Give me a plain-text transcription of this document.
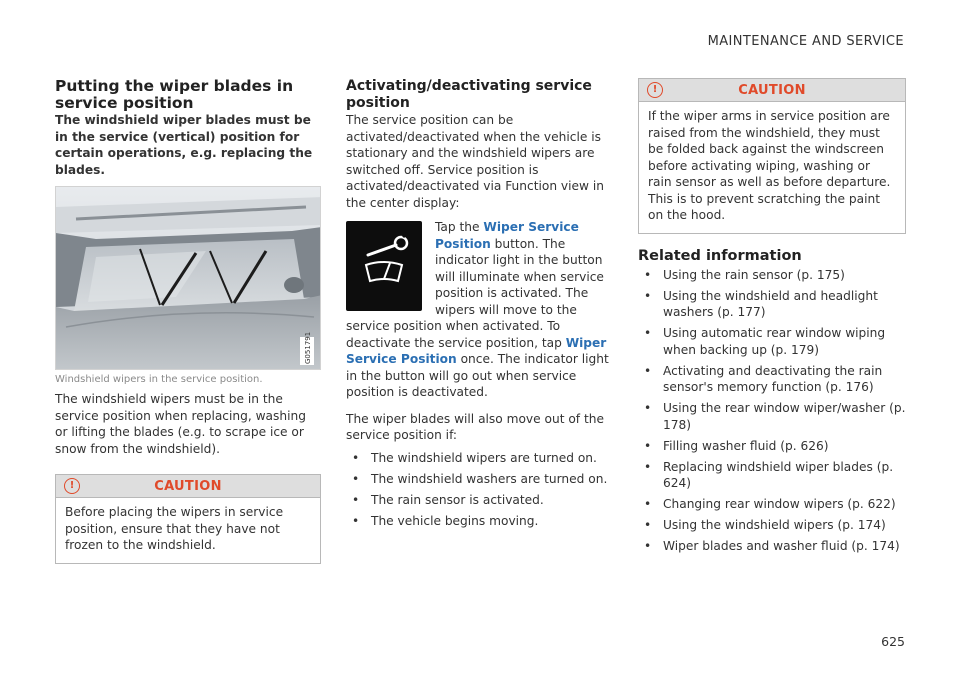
MAINTENANCE AND SERVICE
Putting the wiper blades in service position

The windshield wiper blades must be in the service (vertical) position for certain operations, e.g. replacing the blades.

G051791
Windshield wipers in the service position.

The windshield wipers must be in the service position when replacing, washing or lifting the blades (e.g. to scrape ice or snow from the windshield).

!	CAUTION
Before placing the wipers in service position, ensure that they have not frozen to the windshield.
Activating/deactivating service position

The service position can be activated/deactivated when the vehicle is stationary and the windshield wipers are switched off. Service position is activated/deactivated via Function view in the center display:

Tap the Wiper Service Position button. The indicator light in the button will illuminate when service position is activated. The wipers will move to the service position when activated. To deactivate the service position, tap Wiper Service Position once. The indicator light in the button will go out when service position is deactivated.

The wiper blades will also move out of the service position if:

• The windshield wipers are turned on.
• The windshield washers are turned on.
• The rain sensor is activated.
• The vehicle begins moving.
!	CAUTION
If the wiper arms in service position are raised from the windshield, they must be folded back against the windscreen before activating wiping, washing or rain sensor as well as before departure. This is to prevent scratching the paint on the hood.
Related information
• Using the rain sensor (p. 175)
• Using the windshield and headlight washers (p. 177)
• Using automatic rear window wiping when backing up (p. 179)
• Activating and deactivating the rain sensor's memory function (p. 176)
• Using the rear window wiper/washer (p. 178)
• Filling washer fluid (p. 626)
• Replacing windshield wiper blades (p. 624)
• Changing rear window wipers (p. 622)
• Using the windshield wipers (p. 174)
• Wiper blades and washer fluid (p. 174)
625
